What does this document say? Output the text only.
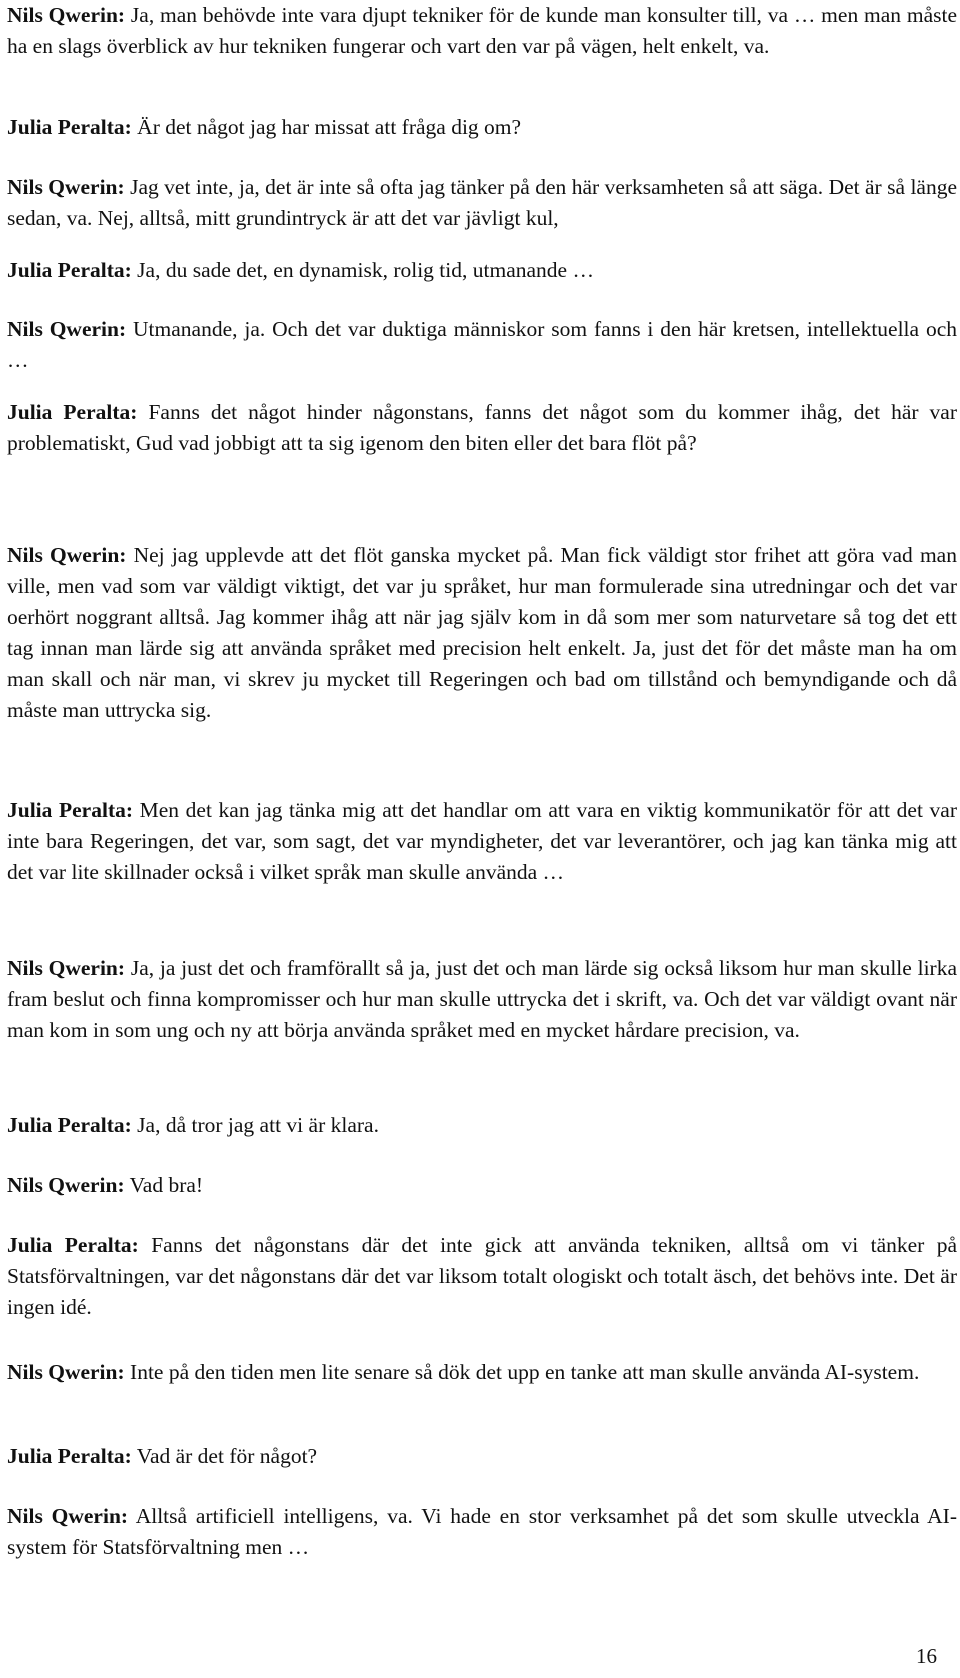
Nils Qwerin: Ja, man behövde inte vara djupt tekniker för de kunde man konsulter till, va … men man måste ha en slags överblick av hur tekniken fungerar och vart den var på vägen, helt enkelt, va.

Julia Peralta: Är det något jag har missat att fråga dig om?

Nils Qwerin: Jag vet inte, ja, det är inte så ofta jag tänker på den här verksamheten så att säga. Det är så länge sedan, va. Nej, alltså, mitt grundintryck är att det var jävligt kul,

Julia Peralta: Ja, du sade det, en dynamisk, rolig tid, utmanande …

Nils Qwerin: Utmanande, ja. Och det var duktiga människor som fanns i den här kretsen, intellektuella och …

Julia Peralta: Fanns det något hinder någonstans, fanns det något som du kommer ihåg, det här var problematiskt, Gud vad jobbigt att ta sig igenom den biten eller det bara flöt på?

Nils Qwerin: Nej jag upplevde att det flöt ganska mycket på. Man fick väldigt stor frihet att göra vad man ville, men vad som var väldigt viktigt, det var ju språket, hur man formulerade sina utredningar och det var oerhört noggrant alltså. Jag kommer ihåg att när jag själv kom in då som mer som naturvetare så tog det ett tag innan man lärde sig att använda språket med precision helt enkelt. Ja, just det för det måste man ha om man skall och när man, vi skrev ju mycket till Regeringen och bad om tillstånd och bemyndigande och då måste man uttrycka sig.

Julia Peralta: Men det kan jag tänka mig att det handlar om att vara en viktig kommunikatör för att det var inte bara Regeringen, det var, som sagt, det var myndigheter, det var leverantörer, och jag kan tänka mig att det var lite skillnader också i vilket språk man skulle använda …

Nils Qwerin: Ja, ja just det och framförallt så ja, just det och man lärde sig också liksom hur man skulle lirka fram beslut och finna kompromisser och hur man skulle uttrycka det i skrift, va. Och det var väldigt ovant när man kom in som ung och ny att börja använda språket med en mycket hårdare precision, va.

Julia Peralta: Ja, då tror jag att vi är klara.

Nils Qwerin: Vad bra!

Julia Peralta: Fanns det någonstans där det inte gick att använda tekniken, alltså om vi tänker på Statsförvaltningen, var det någonstans där det var liksom totalt ologiskt och totalt äsch, det behövs inte. Det är ingen idé.

Nils Qwerin: Inte på den tiden men lite senare så dök det upp en tanke att man skulle använda AI-system.

Julia Peralta: Vad är det för något?

Nils Qwerin: Alltså artificiell intelligens, va. Vi hade en stor verksamhet på det som skulle utveckla AI-system för Statsförvaltning men …

16
